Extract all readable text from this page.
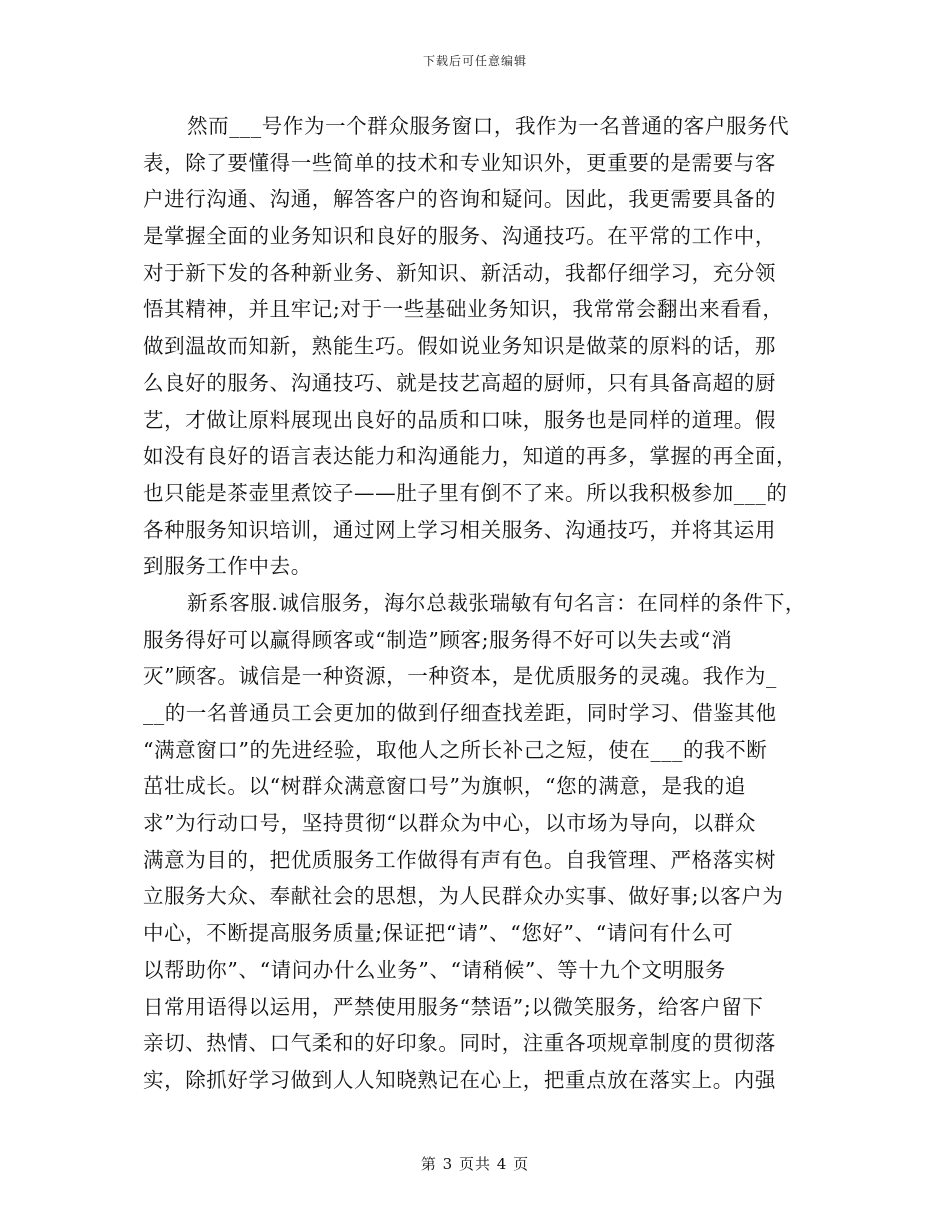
下载后可任意编辑
然而___号作为一个群众服务窗口，我作为一名普通的客户服务代
表，除了要懂得一些简单的技术和专业知识外，更重要的是需要与客
户进行沟通、沟通，解答客户的咨询和疑问。因此，我更需要具备的
是掌握全面的业务知识和良好的服务、沟通技巧。在平常的工作中，
对于新下发的各种新业务、新知识、新活动，我都仔细学习，充分领
悟其精神，并且牢记;对于一些基础业务知识，我常常会翻出来看看，
做到温故而知新，熟能生巧。假如说业务知识是做菜的原料的话，那
么良好的服务、沟通技巧、就是技艺高超的厨师，只有具备高超的厨
艺，才做让原料展现出良好的品质和口味，服务也是同样的道理。假
如没有良好的语言表达能力和沟通能力，知道的再多，掌握的再全面，
也只能是茶壶里煮饺子——肚子里有倒不了来。所以我积极参加___的
各种服务知识培训，通过网上学习相关服务、沟通技巧，并将其运用
到服务工作中去。
新系客服.诚信服务，海尔总裁张瑞敏有句名言：在同样的条件下，
服务得好可以赢得顾客或“制造”顾客;服务得不好可以失去或“消
灭”顾客。诚信是一种资源，一种资本，是优质服务的灵魂。我作为_
__的一名普通员工会更加的做到仔细查找差距，同时学习、借鉴其他
“满意窗口”的先进经验，取他人之所长补己之短，使在___的我不断
茁壮成长。以“树群众满意窗口号”为旗帜，“您的满意，是我的追
求”为行动口号，坚持贯彻“以群众为中心，以市场为导向，以群众
满意为目的，把优质服务工作做得有声有色。自我管理、严格落实树
立服务大众、奉献社会的思想，为人民群众办实事、做好事;以客户为
中心，不断提高服务质量;保证把“请”、“您好”、“请问有什么可
以帮助你”、“请问办什么业务”、“请稍候”、等十九个文明服务
日常用语得以运用，严禁使用服务“禁语”;以微笑服务，给客户留下
亲切、热情、口气柔和的好印象。同时，注重各项规章制度的贯彻落
实，除抓好学习做到人人知晓熟记在心上，把重点放在落实上。内强
第 3 页共 4 页
